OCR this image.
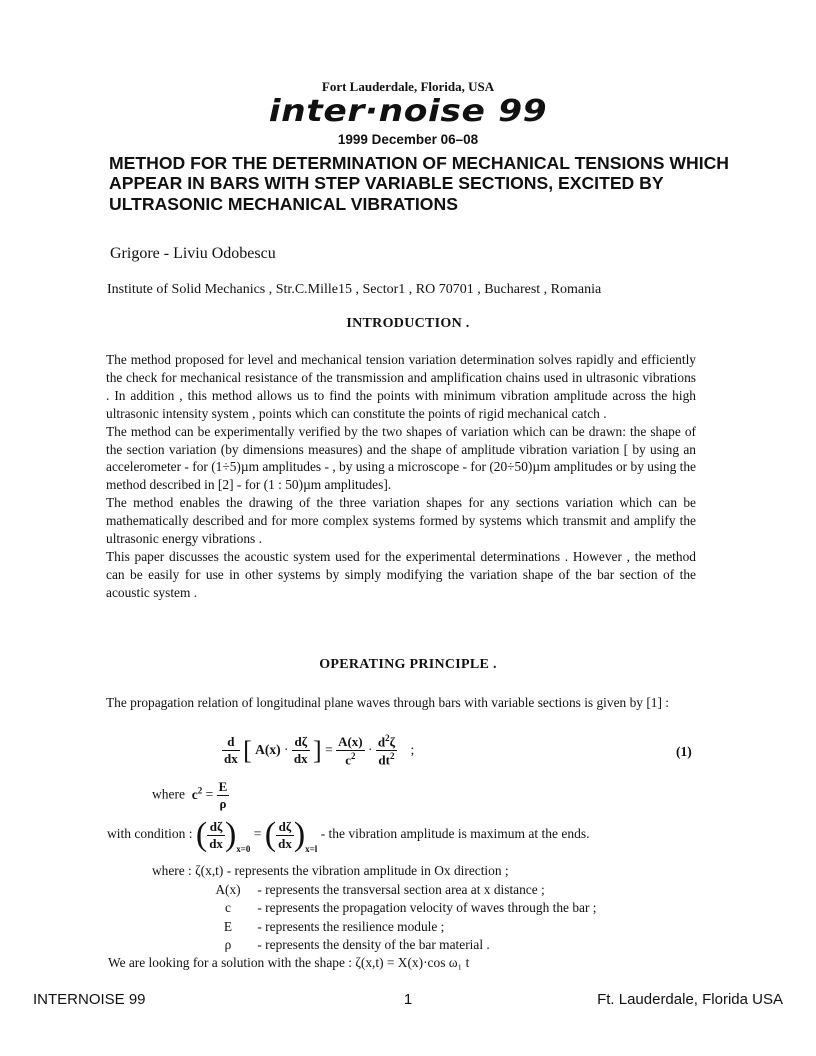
Fort Lauderdale, Florida, USA
inter·noise 99
1999 December 06–08
METHOD FOR THE DETERMINATION OF MECHANICAL TENSIONS WHICH APPEAR IN BARS WITH STEP VARIABLE SECTIONS, EXCITED BY ULTRASONIC MECHANICAL VIBRATIONS
Grigore - Liviu Odobescu
Institute of Solid Mechanics , Str.C.Mille15 , Sector1 , RO 70701 , Bucharest , Romania
INTRODUCTION .

The method proposed for level and mechanical tension variation determination solves rapidly and efficiently the check for mechanical resistance of the transmission and amplification chains used in ultrasonic vibrations . In addition , this method allows us to find the points with minimum vibration amplitude across the high ultrasonic intensity system , points which can constitute the points of rigid mechanical catch .

The method can be experimentally verified by the two shapes of variation which can be drawn: the shape of the section variation (by dimensions measures) and the shape of amplitude vibration variation [ by using an accelerometer - for (1÷5)µm amplitudes - , by using a microscope - for (20÷50)µm amplitudes or by using the method described in [2] - for (1 : 50)µm amplitudes].

The method enables the drawing of the three variation shapes for any sections variation which can be mathematically described and for more complex systems formed by systems which transmit and amplify the ultrasonic energy vibrations .

This paper discusses the acoustic system used for the experimental determinations . However , the method can be easily for use in other systems by simply modifying the variation shape of the bar section of the acoustic system .

OPERATING PRINCIPLE .
The propagation relation of longitudinal plane waves through bars with variable sections is given by [1] :
$\frac{d}{dx}$ [ $A(x) \cdot \frac{d\zeta}{dx}$ ] = $\frac{A(x)}{c^2} \cdot \frac{d^2\zeta}{dt^2}$ ;	(1)
where $c^2 = \frac{E}{\rho}$
with condition : ( $\frac{d\zeta}{dx} )_{x=0}$ = ( $\frac{d\zeta}{dx} )_{x=l}$ - the vibration amplitude is maximum at the ends.
where : ζ(x,t) - represents the vibration amplitude in Ox direction ;
A(x) - represents the transversal section area at x distance ;
c - represents the propagation velocity of waves through the bar ;
E - represents the resilience module ;
ρ - represents the density of the bar material .
We are looking for a solution with the shape : ζ(x,t) = X(x)·cos ω₁ t
INTERNOISE 99	1	Ft. Lauderdale, Florida USA
